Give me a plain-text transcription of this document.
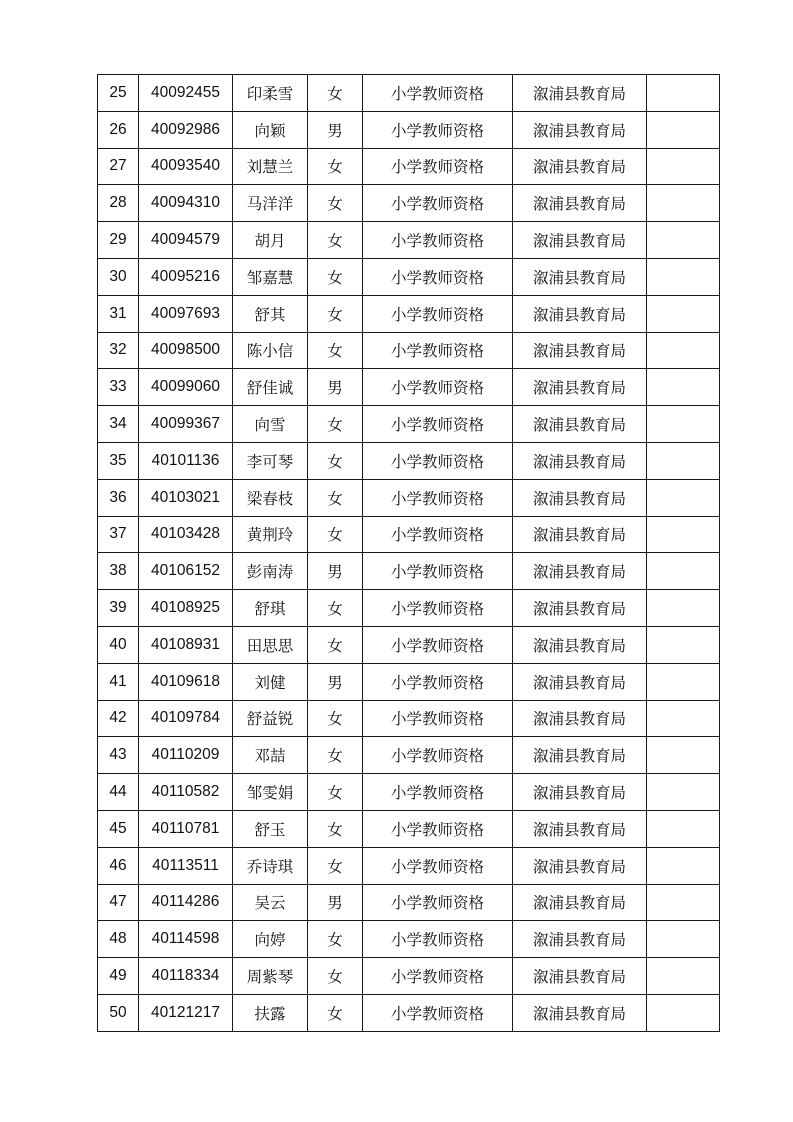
25	40092455	印柔雪	女	小学教师资格	溆浦县教育局	
26	40092986	向颖	男	小学教师资格	溆浦县教育局	
27	40093540	刘慧兰	女	小学教师资格	溆浦县教育局	
28	40094310	马洋洋	女	小学教师资格	溆浦县教育局	
29	40094579	胡月	女	小学教师资格	溆浦县教育局	
30	40095216	邹嘉慧	女	小学教师资格	溆浦县教育局	
31	40097693	舒其	女	小学教师资格	溆浦县教育局	
32	40098500	陈小信	女	小学教师资格	溆浦县教育局	
33	40099060	舒佳诚	男	小学教师资格	溆浦县教育局	
34	40099367	向雪	女	小学教师资格	溆浦县教育局	
35	40101136	李可琴	女	小学教师资格	溆浦县教育局	
36	40103021	梁春枝	女	小学教师资格	溆浦县教育局	
37	40103428	黄荆玲	女	小学教师资格	溆浦县教育局	
38	40106152	彭南涛	男	小学教师资格	溆浦县教育局	
39	40108925	舒琪	女	小学教师资格	溆浦县教育局	
40	40108931	田思思	女	小学教师资格	溆浦县教育局	
41	40109618	刘健	男	小学教师资格	溆浦县教育局	
42	40109784	舒益锐	女	小学教师资格	溆浦县教育局	
43	40110209	邓喆	女	小学教师资格	溆浦县教育局	
44	40110582	邹雯娟	女	小学教师资格	溆浦县教育局	
45	40110781	舒玉	女	小学教师资格	溆浦县教育局	
46	40113511	乔诗琪	女	小学教师资格	溆浦县教育局	
47	40114286	吴云	男	小学教师资格	溆浦县教育局	
48	40114598	向婷	女	小学教师资格	溆浦县教育局	
49	40118334	周紫琴	女	小学教师资格	溆浦县教育局	
50	40121217	扶露	女	小学教师资格	溆浦县教育局	
